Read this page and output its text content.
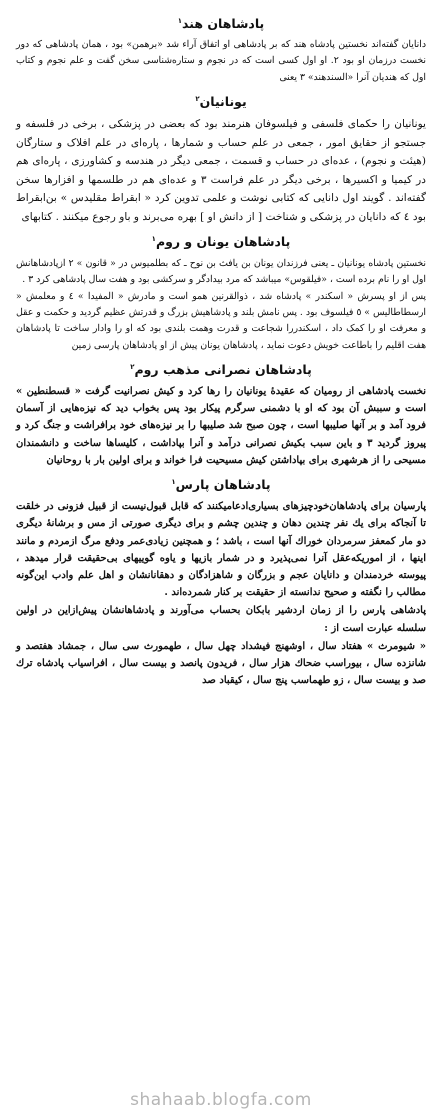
پادشاهان هند$^١$

دانایان گفته‌اند نخستین پادشاه هند که بر پادشاهی او اتفاق آراء شد «برهمن» بود ، همان پادشاهی که دور نخست درزمان او بود ٢. او اول کسی است که در نجوم و ستاره‌شناسی سخن گفت و علم نجوم و کتاب اول که هندیان آنرا «السندهند» ٣ یعنی

یونانیان$^٢$

یونانیان را حکمای فلسفی و فیلسوفان هنرمند بود که بعضی در پزشکی ، برخی در فلسفه و جستجو از حقایق امور ، جمعی در علم حساب و شمارها ، پاره‌ای در علم افلاک و ستارگان (هیئت و نجوم) ، عده‌ای در حساب و قسمت ، جمعی دیگر در هندسه و کشاورزی ، پاره‌ای هم در کیمیا و اکسیرها ، برخی دیگر در علم فراست ٣ و عده‌ای هم در طلسمها و افزارها سخن گفته‌اند . گویند اول دانایی که کتابی نوشت و علمی تدوین کرد « ابقراط مقلیدس » بن‌ابقراط بود ٤ که دانایان در پزشکی و شناخت [ از دانش او ] بهره می‌برند و باو رجوع میکنند . کتابهای

پادشاهان یونان و روم$^١$

نخستین پادشاه یونانیان ـ یعنی فرزندان یونان بن یافث بن نوح ـ که بطلمیوس در « قانون » ٢ ازپادشاهانش اول او را نام برده است ، «فیلقوس» میباشد که مرد بیدادگر و سرکشی بود و هفت سال پادشاهی کرد ٣ .

پس از او پسرش « اسکندر » پادشاه شد ، ذوالقرنین همو است و مادرش « المفیدا » ٤ و معلمش « ارسطاطالیس » ٥ فیلسوف بود . پس نامش بلند و پادشاهیش بزرگ و قدرتش عظیم گردید و حکمت و عقل و معرفت او را کمک داد ، اسکندررا شجاعت و قدرت وهمت بلندی بود که او را وادار ساخت تا پادشاهان هفت اقلیم را باطاعت خویش دعوت نماید ، پادشاهان یونان پیش از او پادشاهان پارسی زمین

پادشاهان نصرانی مذهب روم$^٢$

نخست پادشاهی از رومیان که عقیدهٔ یونانیان را رها کرد و کیش نصرانیت گرفت « قسطنطین » است و سببش آن بود که او با دشمنی سرگرم پیکار بود پس بخواب دید که نیزه‌هایی از آسمان فرود آمد و بر آنها صلیبها است ، چون صبح شد صلیبها را بر نیزه‌های خود برافراشت و جنگ کرد و پیروز گردید ٣ و باین سبب بکیش نصرانی درآمد و آنرا بپاداشت ، کلیساها ساخت و دانشمندان مسیحی را از هرشهری برای بپاداشتن کیش مسیحیت فرا خواند و برای اولین بار با روحانیان

پادشاهان پارس$^١$

پارسیان برای پادشاهان‌خودچیزهای بسیاری‌ادعامیکنند که قابل قبول‌نیست از قبیل فزونی در خلقت تا آنجاکه برای یك نفر چندین دهان و چندین چشم و برای دیگری صورتی از مس و برشانهٔ دیگری دو مار کمعفز سرمردان خوراك آنها است ، باشد ؛ و همچنین زیادی‌عمر ودفع مرگ ازمردم و مانند اینها ، از اموریکه‌عقل آنرا نمی‌پذیرد و در شمار بازیها و یاوه گوییهای بی‌حقیقت قرار میدهد ، پیوسته خردمندان و دانایان عجم و بزرگان و شاهزادگان و دهقانانشان و اهل علم وادب این‌گونه مطالب را نگفته و صحیح ندانسته از حقیقت بر کنار شمرده‌اند .

پادشاهی پارس را از زمان اردشیر بابکان بحساب می‌آورند و پادشاهانشان پیش‌ازاین در اولین سلسله عبارت است از :

« شیومرث » هفتاد سال ، اوشهنج فیشداد چهل سال ، طهمورث سی سال ، جمشاد هفتصد و شانزده سال ، بیوراسب ضحاك هزار سال ، فریدون پانصد و بیست سال ، افراسیاب پادشاه ترك صد و بیست سال ، زو طهماسب پنج سال ، کیقباد صد

shahaab.blogfa.com
